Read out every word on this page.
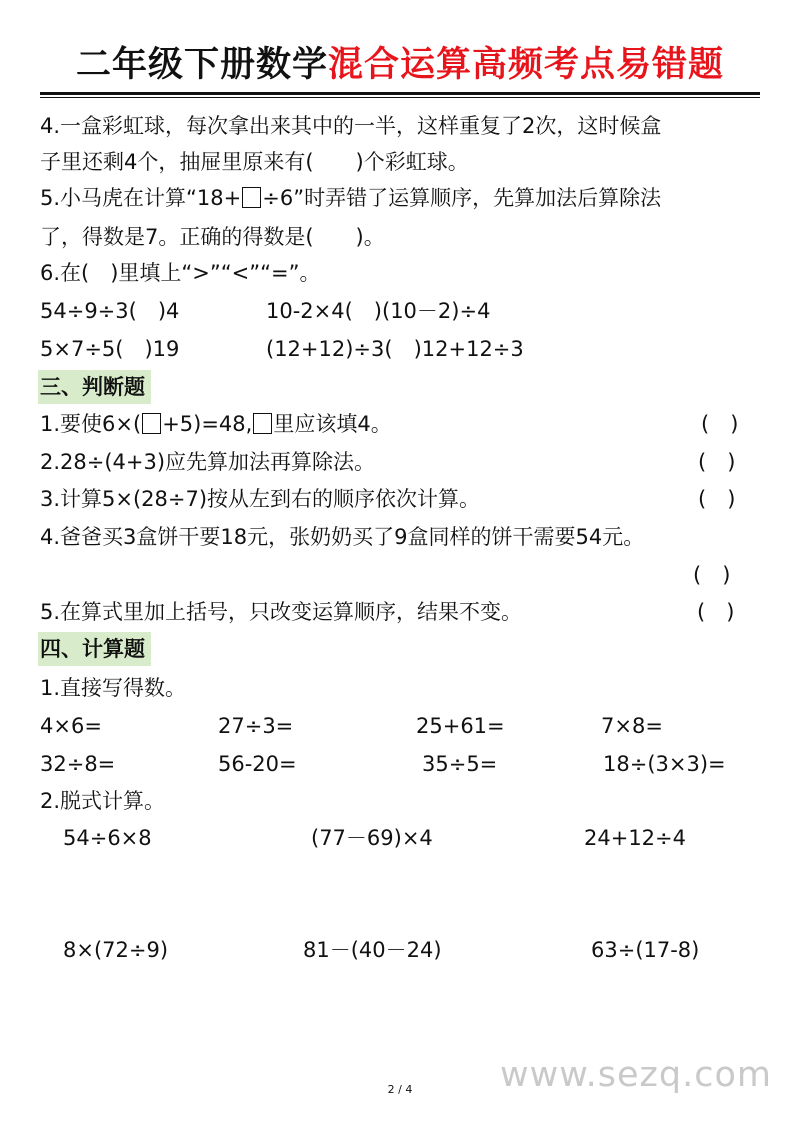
二年级下册数学混合运算高频考点易错题
4.一盒彩虹球，每次拿出来其中的一半，这样重复了2次，这时候盒
子里还剩4个，抽屉里原来有(　　)个彩虹球。
5.小马虎在计算“18+ ÷6”时弄错了运算顺序，先算加法后算除法
了，得数是7。正确的得数是(　　)。
6.在(　)里填上“>”“<”“=”。
54÷9÷3(　)4	10-2×4(　)(10－2)÷4
5×7÷5(　)19	(12+12)÷3(　)12+12÷3
三、判断题
1.要使6×( +5)=48, 里应该填4。	(　)
2.28÷(4+3)应先算加法再算除法。	(　)
3.计算5×(28÷7)按从左到右的顺序依次计算。	(　)
4.爸爸买3盒饼干要18元，张奶奶买了9盒同样的饼干需要54元。
(　)
5.在算式里加上括号，只改变运算顺序，结果不变。	(　)
四、计算题
1.直接写得数。
4×6=	27÷3=	25+61=	7×8=
32÷8=	56-20=	35÷5=	18÷(3×3)=
2.脱式计算。
54÷6×8	(77－69)×4	24+12÷4
8×(72÷9)	81－(40－24)	63÷(17-8)
www.sezq.com
2 / 4
